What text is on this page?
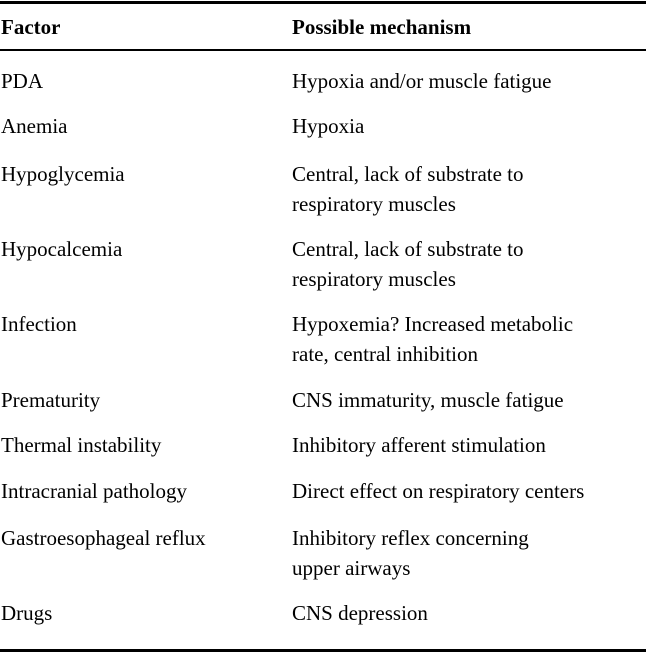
Factor	Possible mechanism
PDA	Hypoxia and/or muscle fatigue
Anemia	Hypoxia
Hypoglycemia	Central, lack of substrate to
respiratory muscles
Hypocalcemia	Central, lack of substrate to
respiratory muscles
Infection	Hypoxemia? Increased metabolic
rate, central inhibition
Prematurity	CNS immaturity, muscle fatigue
Thermal instability	Inhibitory afferent stimulation
Intracranial pathology	Direct effect on respiratory centers
Gastroesophageal reflux	Inhibitory reflex concerning
upper airways
Drugs	CNS depression
